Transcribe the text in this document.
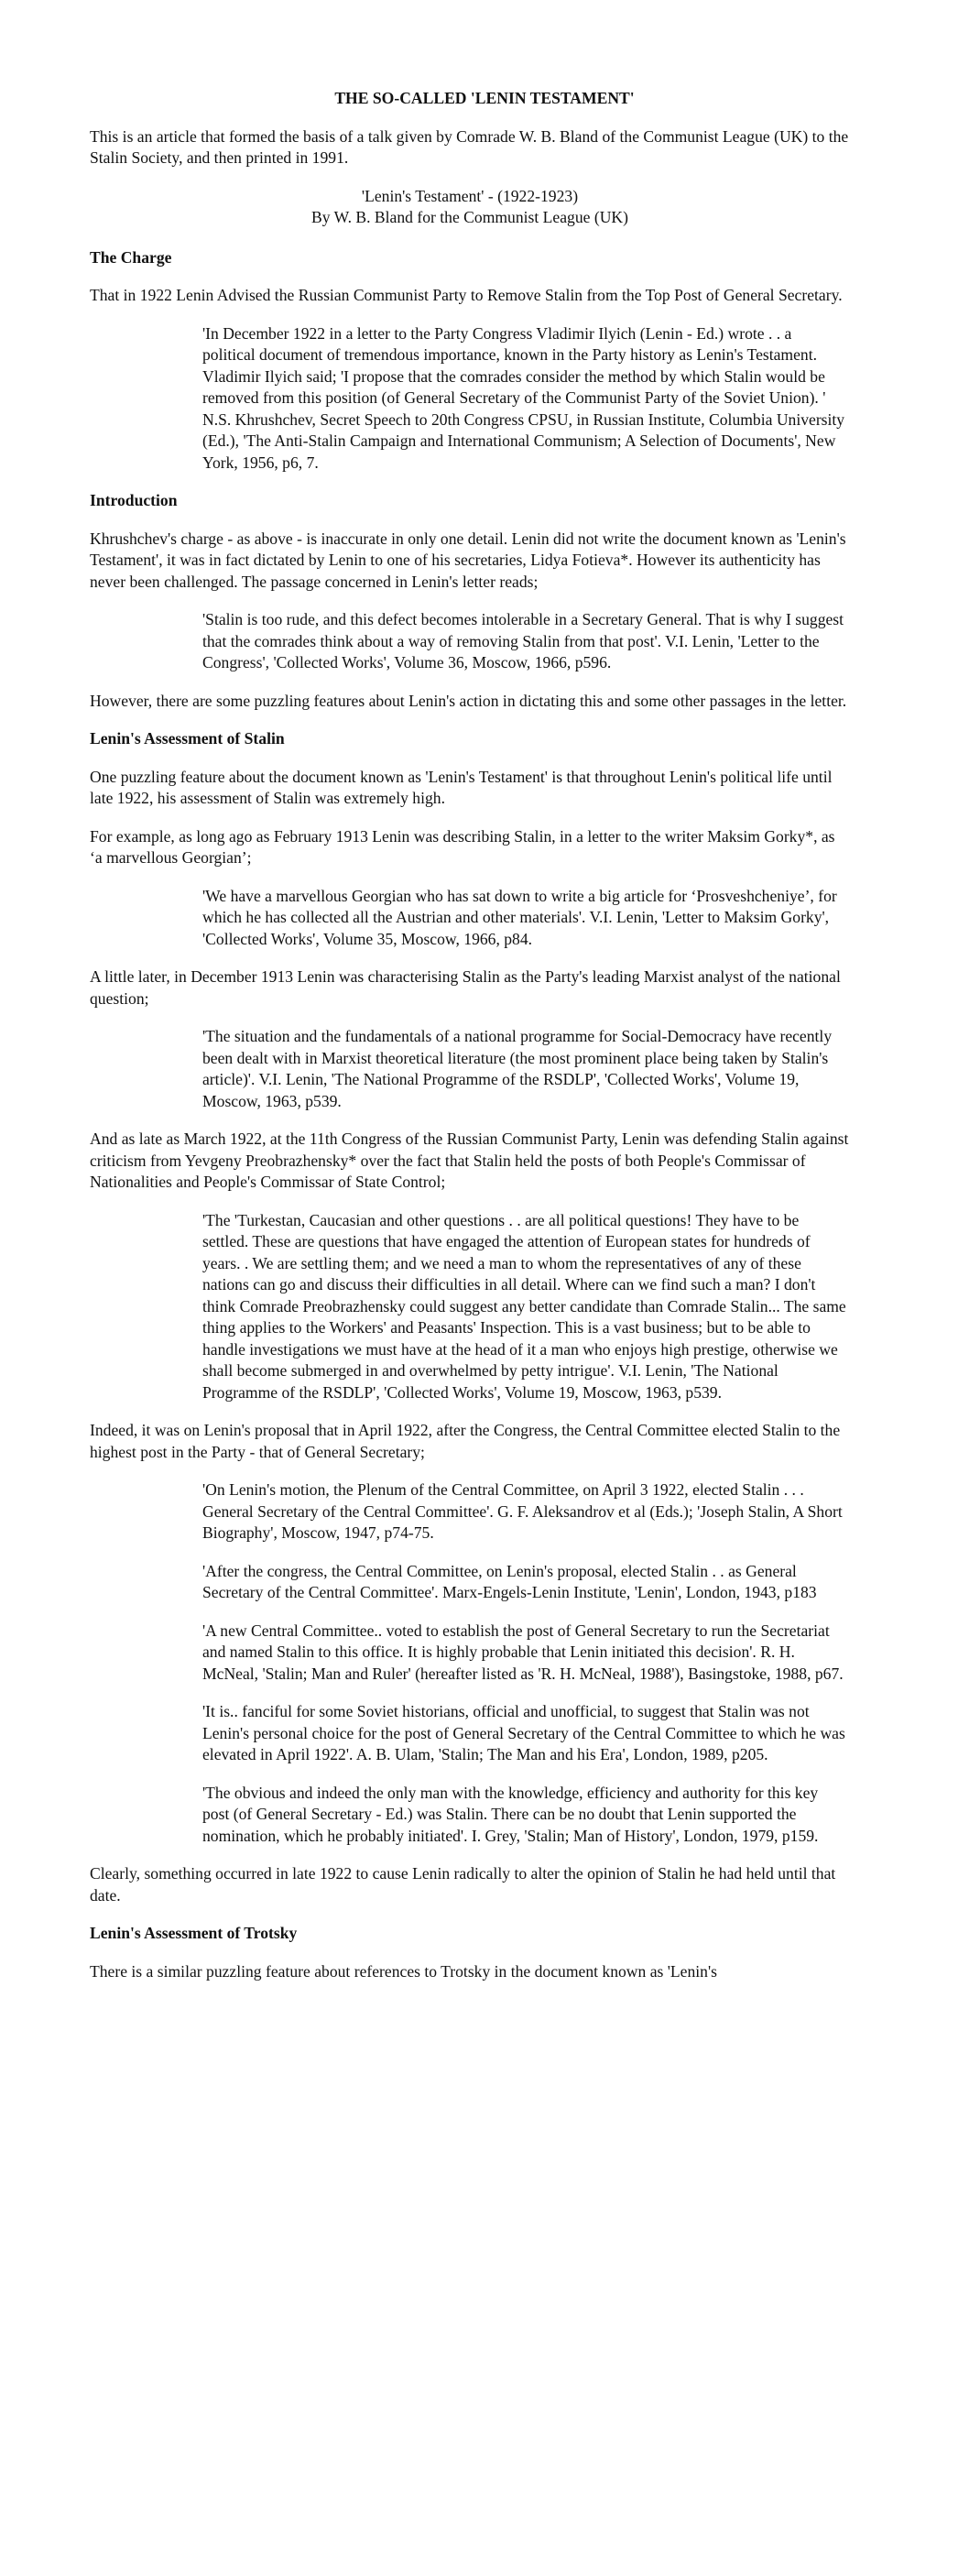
THE SO-CALLED 'LENIN TESTAMENT'

This is an article that formed the basis of a talk given by Comrade W. B. Bland of the Communist League (UK) to the Stalin Society, and then printed in 1991.

'Lenin's Testament' - (1922-1923)
By W. B. Bland for the Communist League (UK)
The Charge

That in 1922 Lenin Advised the Russian Communist Party to Remove Stalin from the Top Post of General Secretary.

'In December 1922 in a letter to the Party Congress Vladimir Ilyich (Lenin - Ed.) wrote . . a political document of tremendous importance, known in the Party history as Lenin's Testament. Vladimir Ilyich said; 'I propose that the comrades consider the method by which Stalin would be removed from this position (of General Secretary of the Communist Party of the Soviet Union). ' N.S. Khrushchev, Secret Speech to 20th Congress CPSU, in Russian Institute, Columbia University (Ed.), 'The Anti-Stalin Campaign and International Communism; A Selection of Documents', New York, 1956, p6, 7.
Introduction

Khrushchev's charge - as above - is inaccurate in only one detail. Lenin did not write the document known as 'Lenin's Testament', it was in fact dictated by Lenin to one of his secretaries, Lidya Fotieva*. However its authenticity has never been challenged. The passage concerned in Lenin's letter reads;

'Stalin is too rude, and this defect becomes intolerable in a Secretary General. That is why I suggest that the comrades think about a way of removing Stalin from that post'. V.I. Lenin, 'Letter to the Congress', 'Collected Works', Volume 36, Moscow, 1966, p596.

However, there are some puzzling features about Lenin's action in dictating this and some other passages in the letter.

Lenin's Assessment of Stalin

One puzzling feature about the document known as 'Lenin's Testament' is that throughout Lenin's political life until late 1922, his assessment of Stalin was extremely high.

For example, as long ago as February 1913 Lenin was describing Stalin, in a letter to the writer Maksim Gorky*, as ‘a marvellous Georgian’;

'We have a marvellous Georgian who has sat down to write a big article for ‘Prosveshcheniye’, for which he has collected all the Austrian and other materials'. V.I. Lenin, 'Letter to Maksim Gorky', 'Collected Works', Volume 35, Moscow, 1966, p84.

A little later, in December 1913 Lenin was characterising Stalin as the Party's leading Marxist analyst of the national question;

'The situation and the fundamentals of a national programme for Social-Democracy have recently been dealt with in Marxist theoretical literature (the most prominent place being taken by Stalin's article)'. V.I. Lenin, 'The National Programme of the RSDLP', 'Collected Works', Volume 19, Moscow, 1963, p539.

And as late as March 1922, at the 11th Congress of the Russian Communist Party, Lenin was defending Stalin against criticism from Yevgeny Preobrazhensky* over the fact that Stalin held the posts of both People's Commissar of Nationalities and People's Commissar of State Control;

'The 'Turkestan, Caucasian and other questions . . are all political questions! They have to be settled. These are questions that have engaged the attention of European states for hundreds of years. . We are settling them; and we need a man to whom the representatives of any of these nations can go and discuss their difficulties in all detail. Where can we find such a man? I don't think Comrade Preobrazhensky could suggest any better candidate than Comrade Stalin... The same thing applies to the Workers' and Peasants' Inspection. This is a vast business; but to be able to handle investigations we must have at the head of it a man who enjoys high prestige, otherwise we shall become submerged in and overwhelmed by petty intrigue'. V.I. Lenin, 'The National Programme of the RSDLP', 'Collected Works', Volume 19, Moscow, 1963, p539.

Indeed, it was on Lenin's proposal that in April 1922, after the Congress, the Central Committee elected Stalin to the highest post in the Party - that of General Secretary;

'On Lenin's motion, the Plenum of the Central Committee, on April 3 1922, elected Stalin . . . General Secretary of the Central Committee'. G. F. Aleksandrov et al (Eds.); 'Joseph Stalin, A Short Biography', Moscow, 1947, p74-75.
'After the congress, the Central Committee, on Lenin's proposal, elected Stalin . . as General Secretary of the Central Committee'. Marx-Engels-Lenin Institute, 'Lenin', London, 1943, p183
'A new Central Committee.. voted to establish the post of General Secretary to run the Secretariat and named Stalin to this office. It is highly probable that Lenin initiated this decision'. R. H. McNeal, 'Stalin; Man and Ruler' (hereafter listed as 'R. H. McNeal, 1988'), Basingstoke, 1988, p67.
'It is.. fanciful for some Soviet historians, official and unofficial, to suggest that Stalin was not Lenin's personal choice for the post of General Secretary of the Central Committee to which he was elevated in April 1922'. A. B. Ulam, 'Stalin; The Man and his Era', London, 1989, p205.
'The obvious and indeed the only man with the knowledge, efficiency and authority for this key post (of General Secretary - Ed.) was Stalin. There can be no doubt that Lenin supported the nomination, which he probably initiated'. I. Grey, 'Stalin; Man of History', London, 1979, p159.

Clearly, something occurred in late 1922 to cause Lenin radically to alter the opinion of Stalin he had held until that date.

Lenin's Assessment of Trotsky

There is a similar puzzling feature about references to Trotsky in the document known as 'Lenin's
